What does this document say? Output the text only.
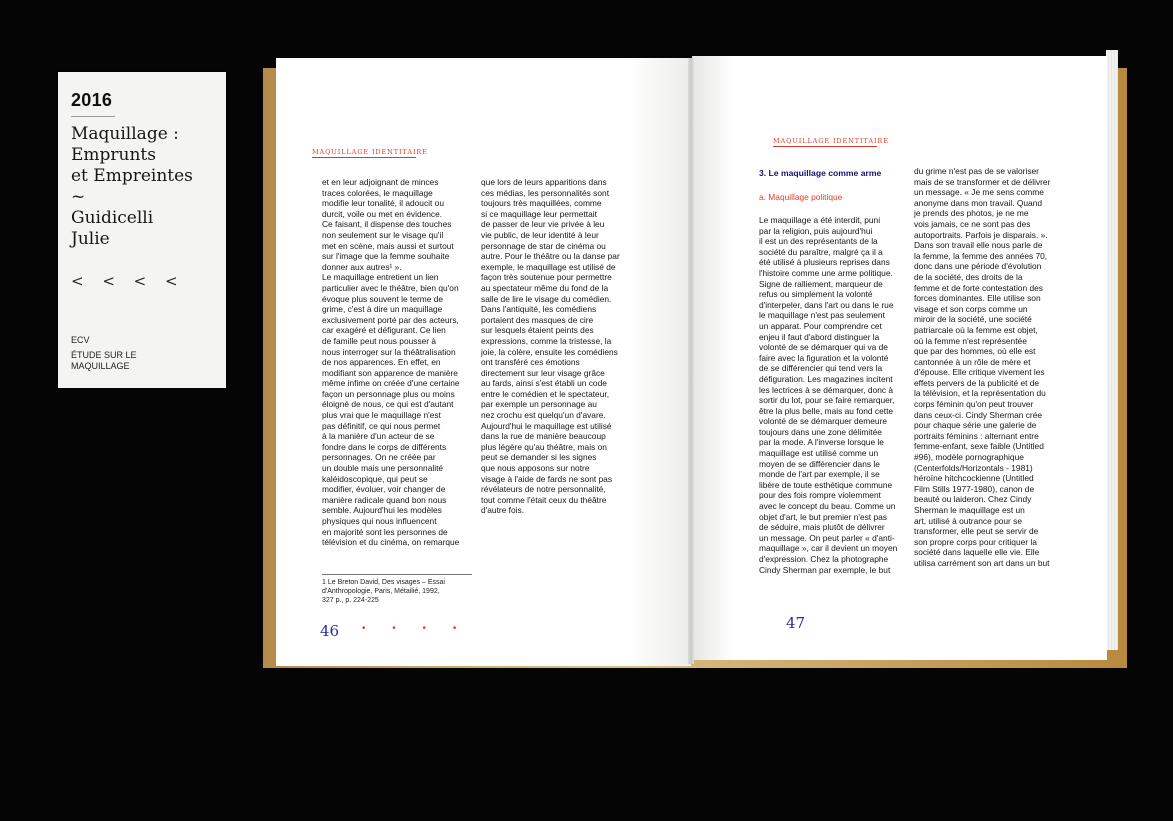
2016
Maquillage :
Emprunts
et Empreintes
~
Guidicelli
Julie
< < < <
ECV
ÉTUDE SUR LE MAQUILLAGE
MAQUILLAGE IDENTITAIRE
et en leur adjoignant de minces
traces colorées, le maquillage
modifie leur tonalité, il adoucit ou
durcit, voile ou met en évidence.
Ce faisant, il dispense des touches
non seulement sur le visage qu'il
met en scène, mais aussi et surtout
sur l'image que la femme souhaite
donner aux autres¹ ».
Le maquillage entretient un lien
particulier avec le théâtre, bien qu'on
évoque plus souvent le terme de
grime, c'est à dire un maquillage
exclusivement porté par des acteurs,
car exagéré et défigurant. Ce lien
de famille peut nous pousser à
nous interroger sur la théâtralisation
de nos apparences. En effet, en
modifiant son apparence de manière
même infime on créée d'une certaine
façon un personnage plus ou moins
éloigné de nous, ce qui est d'autant
plus vrai que le maquillage n'est
pas définitif, ce qui nous permet
à la manière d'un acteur de se
fondre dans le corps de différents
personnages. On ne créée par
un double mais une personnalité
kaléidoscopique, qui peut se
modifier, évoluer, voir changer de
manière radicale quand bon nous
semble. Aujourd'hui les modèles
physiques qui nous influencent
en majorité sont les personnes de
télévision et du cinéma, on remarque
que lors de leurs apparitions dans
ces médias, les personnalités sont
toujours très maquillées, comme
si ce maquillage leur permettait
de passer de leur vie privée à leu
vie public, de leur identité à leur
personnage de star de cinéma ou
autre. Pour le théâtre ou la danse par
exemple, le maquillage est utilisé de
façon très soutenue pour permettre
au spectateur même du fond de la
salle de lire le visage du comédien.
Dans l'antiquité, les comédiens
portaient des masques de cire
sur lesquels étaient peints des
expressions, comme la tristesse, la
joie, la colère, ensuite les comédiens
ont transféré ces émotions
directement sur leur visage grâce
au fards, ainsi s'est établi un code
entre le comédien et le spectateur,
par exemple un personnage au
nez crochu est quelqu'un d'avare.
Aujourd'hui le maquillage est utilisé
dans la rue de manière beaucoup
plus légère qu'au théâtre, mais on
peut se demander si les signes
que nous apposons sur notre
visage à l'aide de fards ne sont pas
révélateurs de notre personnalité,
tout comme l'était ceux du théâtre
d'autre fois.
1 Le Breton David, Des visages – Essai
d'Anthropologie, Paris, Métailié, 1992,
327 p., p. 224-225
46 • • • •
MAQUILLAGE IDENTITAIRE
3. Le maquillage comme arme
a. Maquillage politique
Le maquillage a été interdit, puni
par la religion, puis aujourd'hui
il est un des représentants de la
société du paraître, malgré ça il a
été utilisé à plusieurs reprises dans
l'histoire comme une arme politique.
Signe de ralliement, marqueur de
refus ou simplement la volonté
d'interpeler, dans l'art ou dans le rue
le maquillage n'est pas seulement
un apparat. Pour comprendre cet
enjeu il faut d'abord distinguer la
volonté de se démarquer qui va de
faire avec la figuration et la volonté
de se différencier qui tend vers la
défiguration. Les magazines incitent
les lectrices à se démarquer, donc à
sortir du lot, pour se faire remarquer,
être la plus belle, mais au fond cette
volonté de se démarquer demeure
toujours dans une zone délimitée
par la mode. A l'inverse lorsque le
maquillage est utilisé comme un
moyen de se différencier dans le
monde de l'art par exemple, il se
libère de toute esthétique commune
pour des fois rompre violemment
avec le concept du beau. Comme un
objet d'art, le but premier n'est pas
de séduire, mais plutôt de délivrer
un message. On peut parler « d'anti-
maquillage », car il devient un moyen
d'expression. Chez la photographe
Cindy Sherman par exemple, le but
du grime n'est pas de se valoriser
mais de se transformer et de délivrer
un message. « Je me sens comme
anonyme dans mon travail. Quand
je prends des photos, je ne me
vois jamais, ce ne sont pas des
autoportraits. Parfois je disparais. ».
Dans son travail elle nous parle de
la femme, la femme des années 70,
donc dans une période d'évolution
de la société, des droits de la
femme et de forte contestation des
forces dominantes. Elle utilise son
visage et son corps comme un
miroir de la société, une société
patriarcale où la femme est objet,
où la femme n'est représentée
que par des hommes, où elle est
cantonnée à un rôle de mère et
d'épouse. Elle critique vivement les
effets pervers de la publicité et de
la télévision, et la représentation du
corps féminin qu'on peut trouver
dans ceux-ci. Cindy Sherman crée
pour chaque série une galerie de
portraits féminins : alternant entre
femme-enfant, sexe faible (Untitled
#96), modèle pornographique
(Centerfolds/Horizontals - 1981)
héroïne hitchcockienne (Untitled
Film Stills 1977-1980), canon de
beauté ou laideron. Chez Cindy
Sherman le maquillage est un
art, utilisé à outrance pour se
transformer, elle peut se servir de
son propre corps pour critiquer la
société dans laquelle elle vie. Elle
utilisa carrément son art dans un but
47
